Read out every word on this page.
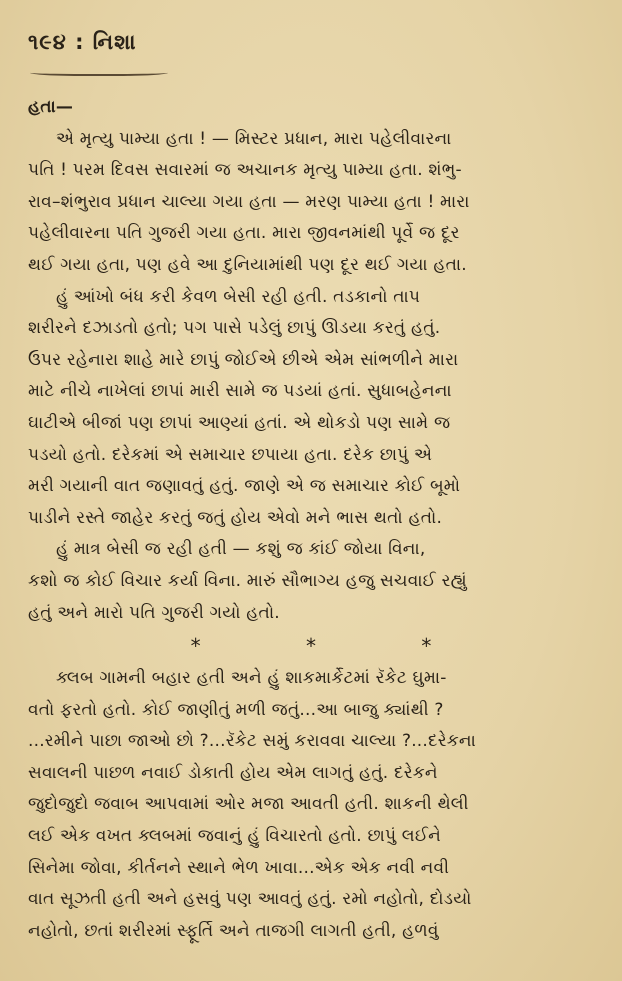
૧૯૪ : નિશા
હતા—
એ મૃત્યુ પામ્યા હતા ! — મિસ્ટર પ્રધાન, મારા પહેલીવારના
પતિ ! પરમ દિવસ સવારમાં જ અચાનક મૃત્યુ પામ્યા હતા. શંભુ-
રાવ–શંભુરાવ પ્રધાન ચાલ્યા ગયા હતા — મરણ પામ્યા હતા ! મારા
પહેલીવારના પતિ ગુજરી ગયા હતા. મારા જીવનમાંથી પૂર્વે જ દૂર
થઈ ગયા હતા, પણ હવે આ દુનિયામાંથી પણ દૂર થઈ ગયા હતા.
હું આંખો બંધ કરી કેવળ બેસી રહી હતી. તડકાનો તાપ
શરીરને દઝાડતો હતો; પગ પાસે પડેલું છાપું ઊડયા કરતું હતું.
ઉપર રહેનારા શાહે મારે છાપું જોઈએ છીએ એમ સાંભળીને મારા
માટે નીચે નાખેલાં છાપાં મારી સામે જ પડયાં હતાં. સુધાબહેનના
ઘાટીએ બીજાં પણ છાપાં આણ્યાં હતાં. એ થોકડો પણ સામે જ
પડયો હતો. દરેકમાં એ સમાચાર છપાયા હતા. દરેક છાપું એ
મરી ગયાની વાત જણાવતું હતું. જાણે એ જ સમાચાર કોઈ બૂમો
પાડીને રસ્તે જાહેર કરતું જતું હોય એવો મને ભાસ થતો હતો.
હું માત્ર બેસી જ રહી હતી — કશું જ કાંઈ જોયા વિના,
કશો જ કોઈ વિચાર કર્યા વિના. મારું સૌભાગ્ય હજુ સચવાઈ રહ્યું
હતું અને મારો પતિ ગુજરી ગયો હતો.
*	*	*
ક્લબ ગામની બહાર હતી અને હું શાકમાર્કેટમાં રૅકેટ ઘુમા-
વતો ફરતો હતો. કોઈ જાણીતું મળી જતું...આ બાજુ ક્યાંથી ?
...રમીને પાછા જાઓ છો ?...રૅકેટ સમું કરાવવા ચાલ્યા ?...દરેકના
સવાલની પાછળ નવાઈ ડોકાતી હોય એમ લાગતું હતું. દરેકને
જુદોજુદો જવાબ આપવામાં ઓર મજા આવતી હતી. શાકની થેલી
લઈ એક વખત ક્લબમાં જવાનું હું વિચારતો હતો. છાપું લઈને
સિનેમા જોવા, કીર્તનને સ્થાને ભેળ ખાવા...એક એક નવી નવી
વાત સૂઝતી હતી અને હસવું પણ આવતું હતું. રમો નહોતો, દોડયો
નહોતો, છતાં શરીરમાં સ્ફૂર્તિ અને તાજગી લાગતી હતી, હળવું
